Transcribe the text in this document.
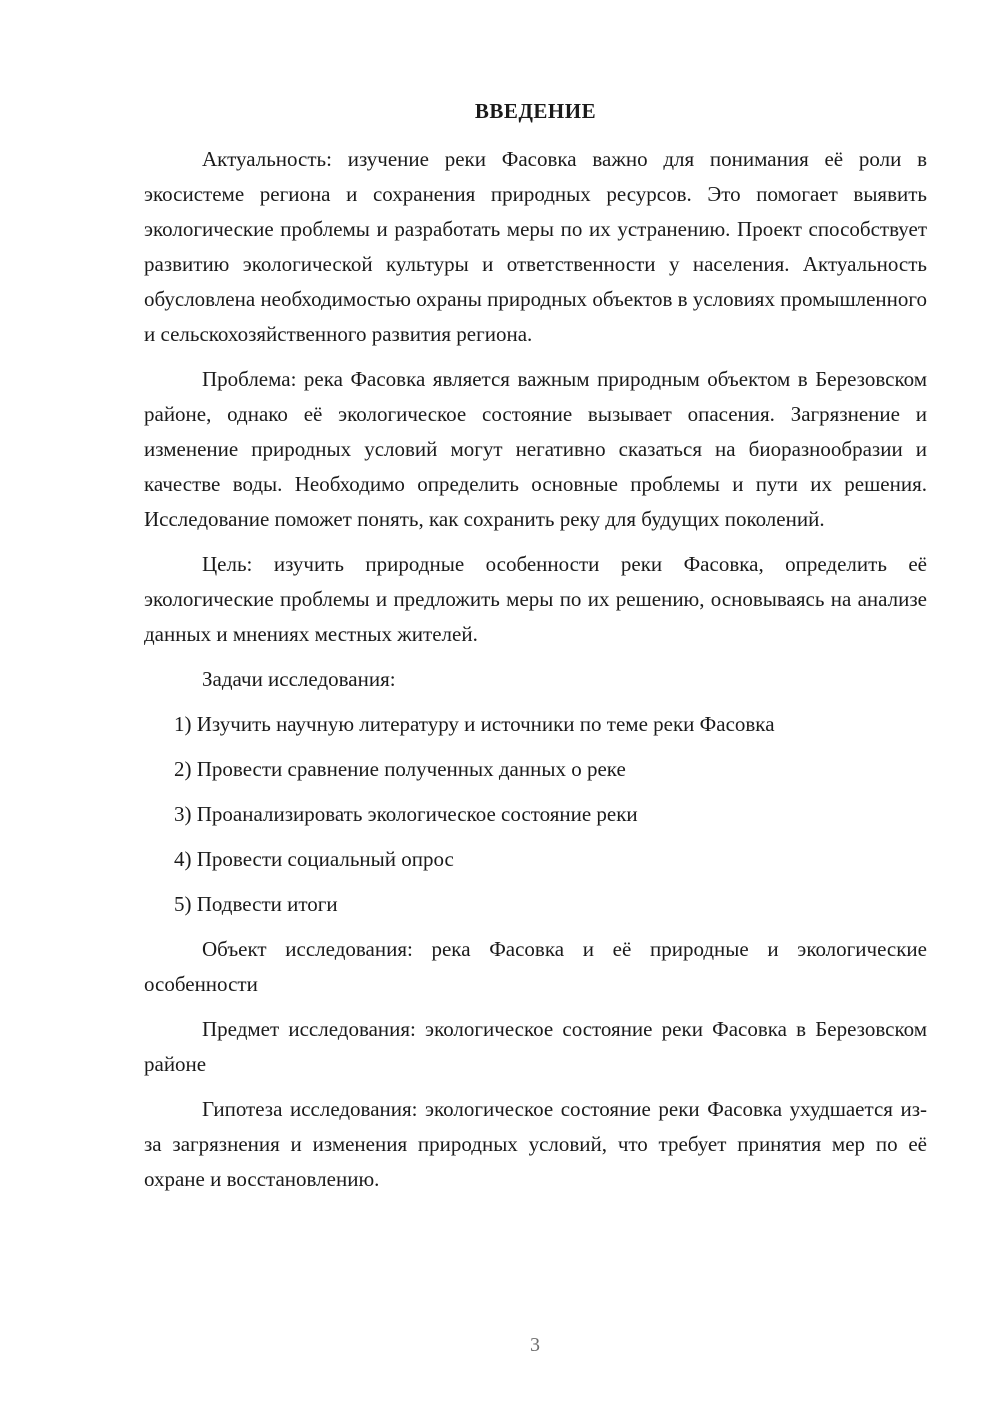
ВВЕДЕНИЕ

Актуальность: изучение реки Фасовка важно для понимания её роли в экосистеме региона и сохранения природных ресурсов. Это помогает выявить экологические проблемы и разработать меры по их устранению. Проект способствует развитию экологической культуры и ответственности у населения. Актуальность обусловлена необходимостью охраны природных объектов в условиях промышленного и сельскохозяйственного развития региона.

Проблема: река Фасовка является важным природным объектом в Березовском районе, однако её экологическое состояние вызывает опасения. Загрязнение и изменение природных условий могут негативно сказаться на биоразнообразии и качестве воды. Необходимо определить основные проблемы и пути их решения. Исследование поможет понять, как сохранить реку для будущих поколений.

Цель: изучить природные особенности реки Фасовка, определить её экологические проблемы и предложить меры по их решению, основываясь на анализе данных и мнениях местных жителей.

Задачи исследования:

1) Изучить научную литературу и источники по теме реки Фасовка
2) Провести сравнение полученных данных о реке
3) Проанализировать экологическое состояние реки
4) Провести социальный опрос
5) Подвести итоги

Объект исследования: река Фасовка и её природные и экологические особенности

Предмет исследования: экологическое состояние реки Фасовка в Березовском районе

Гипотеза исследования: экологическое состояние реки Фасовка ухудшается из-за загрязнения и изменения природных условий, что требует принятия мер по её охране и восстановлению.

3
